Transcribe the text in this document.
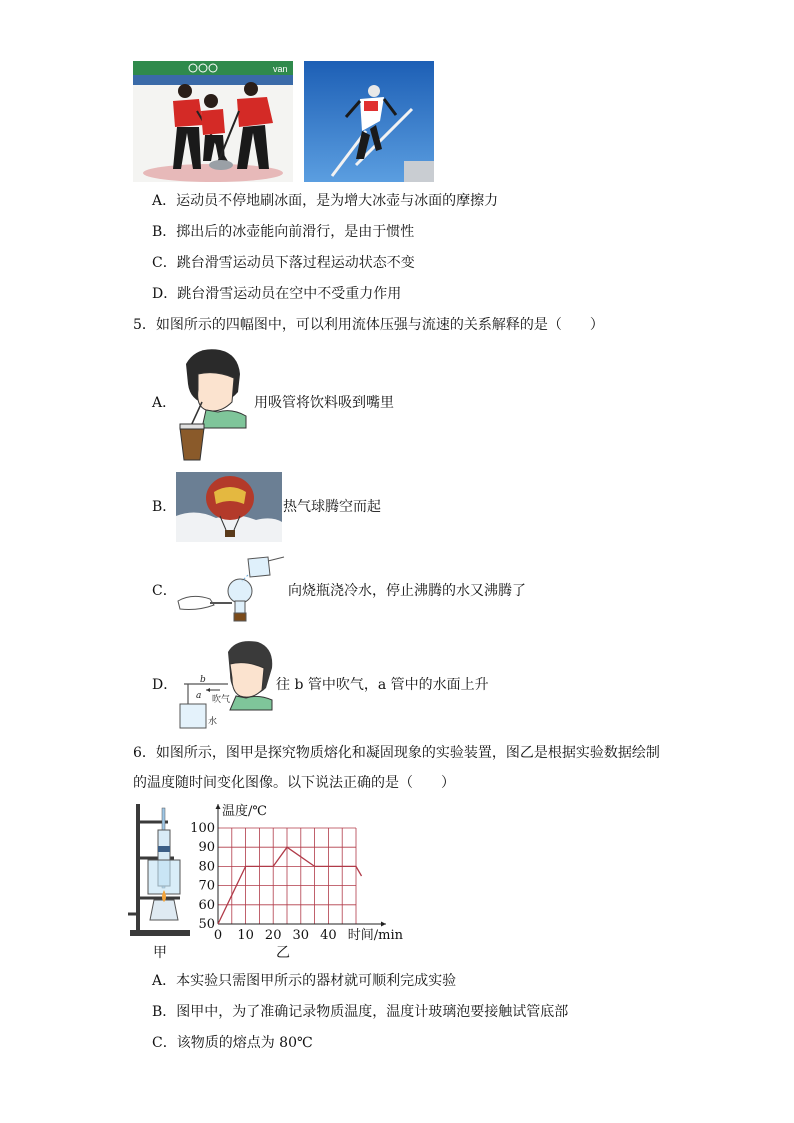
van
A．运动员不停地刷冰面，是为增大冰壶与冰面的摩擦力
B．掷出后的冰壶能向前滑行，是由于惯性
C．跳台滑雪运动员下落过程运动状态不变
D．跳台滑雪运动员在空中不受重力作用
5．如图所示的四幅图中，可以利用流体压强与流速的关系解释的是（　　）
A．	用吸管将饮料吸到嘴里
B．	热气球腾空而起
C．	向烧瓶浇冷水，停止沸腾的水又沸腾了
D．	b
a 吹气
水
往 b 管中吹气，a 管中的水面上升
6．如图所示，图甲是探究物质熔化和凝固现象的实验装置，图乙是根据实验数据绘制
的温度随时间变化图像。以下说法正确的是（　　）
甲
50
60
70
80
90
100
0 10 20 30 40
温度/℃
时间/min
乙
A．本实验只需图甲所示的器材就可顺利完成实验
B．图甲中，为了准确记录物质温度，温度计玻璃泡要接触试管底部
C．该物质的熔点为 80℃
